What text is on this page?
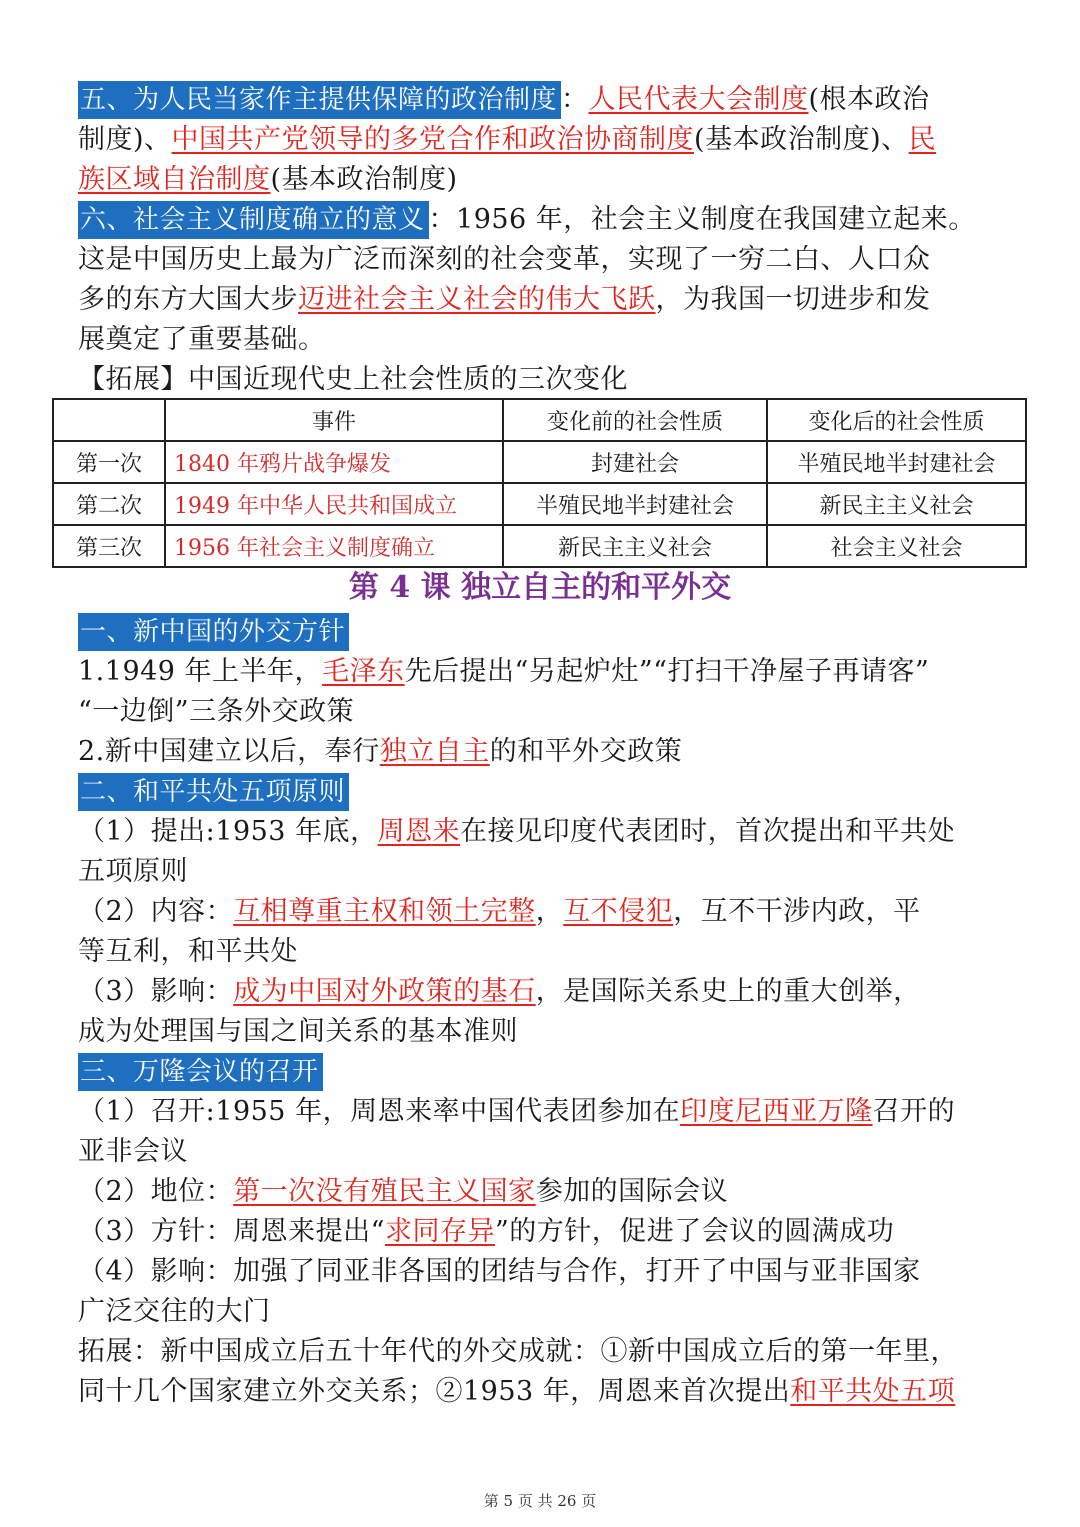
五、为人民当家作主提供保障的政治制度 ：人民代表大会制度(根本政治
制度)、中国共产党领导的多党合作和政治协商制度(基本政治制度)、民
族区域自治制度(基本政治制度)
六、社会主义制度确立的意义 ：1956 年，社会主义制度在我国建立起来。
这是中国历史上最为广泛而深刻的社会变革，实现了一穷二白、人口众
多的东方大国大步迈进社会主义社会的伟大飞跃，为我国一切进步和发
展奠定了重要基础。
【拓展】中国近现代史上社会性质的三次变化
	事件	变化前的社会性质	变化后的社会性质
第一次	1840 年鸦片战争爆发	封建社会	半殖民地半封建社会
第二次	1949 年中华人民共和国成立	半殖民地半封建社会	新民主主义社会
第三次	1956 年社会主义制度确立	新民主主义社会	社会主义社会
第 4 课 独立自主的和平外交
一、新中国的外交方针
1.1949 年上半年，毛泽东先后提出“另起炉灶”“打扫干净屋子再请客”
“一边倒”三条外交政策
2.新中国建立以后，奉行独立自主的和平外交政策
二、和平共处五项原则
（1）提出:1953 年底，周恩来在接见印度代表团时，首次提出和平共处
五项原则
（2）内容：互相尊重主权和领土完整，互不侵犯，互不干涉内政，平
等互利，和平共处
（3）影响：成为中国对外政策的基石，是国际关系史上的重大创举，
成为处理国与国之间关系的基本准则
三、万隆会议的召开
（1）召开:1955 年，周恩来率中国代表团参加在印度尼西亚万隆召开的
亚非会议
（2）地位：第一次没有殖民主义国家参加的国际会议
（3）方针：周恩来提出“求同存异”的方针，促进了会议的圆满成功
（4）影响：加强了同亚非各国的团结与合作，打开了中国与亚非国家
广泛交往的大门
拓展：新中国成立后五十年代的外交成就：①新中国成立后的第一年里，
同十几个国家建立外交关系；②1953 年，周恩来首次提出和平共处五项
第 5 页 共 26 页
